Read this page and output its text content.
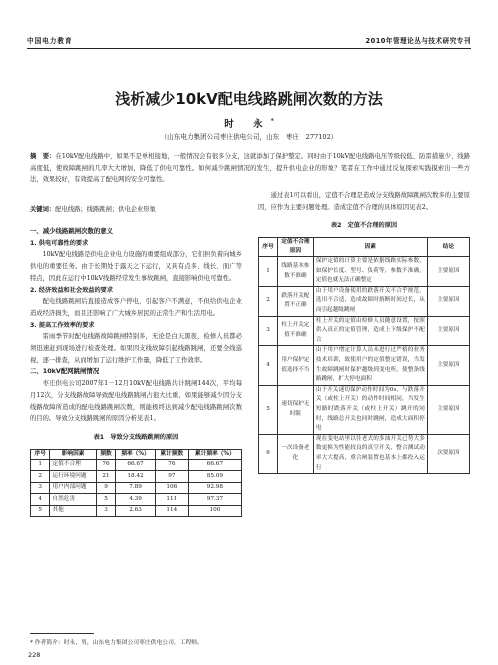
中国电力教育	2010年管理论丛与技术研究专刊
浅析减少10kV配电线路跳闸次数的方法
时 永*
（山东电力集团公司枣庄供电公司，山东　枣庄　277102）
摘　要：在10kV配电线路中，如果不是单相接地，一般情况会有很多分支，这就添加了保护整定。同时由于10kV配电线路电压等级较低、防雷措施少、线路高度低，使故障跳闸的几率大大增加，降低了供电可靠性。如何减少跳闸情况的发生，提升供电企业的形象？笔者在工作中通过反复探索实践摸索出一些方法，效果较好，有效提高了配电网的安全可靠性。
关键词：配电线路；线路跳闸；供电企业形象
一、减少线路跳闸次数的意义
1. 供电可靠性的要求
10kV配电线路是供电企业电力设施的重要组成部分，它们担负着向城乡供电的重要任务。由于长期处于露天之下运行，又具有点多、线长、面广等特点，因此在运行中10kV线路经常发生事故跳闸，直接影响供电可靠性。
2. 经济效益和社会效益的要求
配电线路跳闸后直接造成客户停电，引起客户不满意，不但给供电企业造成经济损失，而且还影响了广大城乡居民的正常生产和生活用电。
3. 提高工作效率的要求
雷雨季节时配电线路故障跳闸特别多，无论是白天黑夜，检修人员都必须迅速赶到现场进行检查处理。如果因支线故障引起线路跳闸，还要全线巡视，逐一排查，从而增加了运行维护工作量，降低了工作效率。
二、10kV配网跳闸情况
枣庄供电公司2007年1－12月10kV配电线路共计跳闸144次，平均每月12次，分支线路故障导致配电线路跳闸占很大比重，如果能够减少因分支线路故障所造成的配电线路跳闸次数，则能极终达到减少配电线路跳闸次数的目的。导致分支线路跳闸的原因分析见表1。
表1　导致分支线路跳闸的原因
序号	影响因素	频数	频率（%）	累计频数	累计频率（%）
1	定值不合理	76	66.67	76	66.67
2	运行环境问题	21	18.42	97	85.09
3	用户内部问题	9	7.89	106	92.98
4	自然危害	5	4.39	111	97.37
5	其他	3	2.63	114	100
通过表1可以看出，定值不合理是造成分支线路故障跳闸次数多的主要原因，应作为主要问题处理。造成定值不合理的具体原因见表2。
表2　定值不合理的原因
序号	定值不合理原因	因素	结论
1	线路基本参数不准确	保护定值的计算主要是依据线路实际参数，如保护长度、型号、负荷等，参数不准确，定值也就无法正确整定	主要原因
2	跌落开关配置不正确	由于用户设备使用的跌落开关不合乎规范，选用不合适，造成故障时熔断时间过长，从而引起越级跳闸	主要原因
3	柱上开关定值不准确	柱上开关的定值由检修人员随意设置，按照供入真正的定值管理，造成上下级保护不配合	主要原因
4	用户保护定值选择不当	由于用户增定计算人员未进行过严格的业务技术培训，致使用户的定值整定错误，当发生故障跳闸时保护越级到变电所，使整条线路跳闸，扩大停电面积	主要原因
5	速切保护无时限	由于开关速切保护动作时间为0s，与跌落开关（或柱上开关）的动作时间相同，当发生短路时跌落开关（或柱上开关）跳开的同时，线路总开关也同时跳闸，造成大面积停电	主要原因
6	一次设备老化	现在变电站里以往老式的多油开关已势大多数更换为性能较良的真空开关，整合测试动率大大提高，重合闸装置也基本上都投入运行	次要原因
* 作者简介：时永，男，山东电力集团公司枣庄供电公司，工程师。
228
